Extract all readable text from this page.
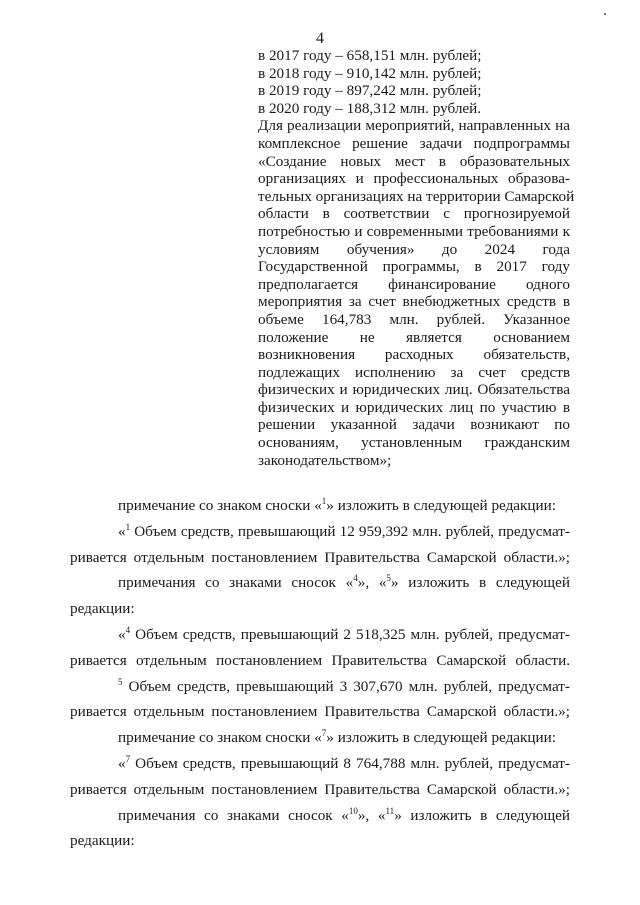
4
в 2017 году – 658,151 млн. рублей;
в 2018 году – 910,142 млн. рублей;
в 2019 году – 897,242 млн. рублей;
в 2020 году – 188,312 млн. рублей.
Для реализации мероприятий, направленных на
комплексное решение задачи подпрограммы
«Создание новых мест в образовательных
организациях и профессиональных образова-
тельных организациях на территории Самарской
области в соответствии с прогнозируемой
потребностью и современными требованиями к
условиям обучения» до 2024 года
Государственной программы, в 2017 году
предполагается финансирование одного
мероприятия за счет внебюджетных средств в
объеме 164,783 млн. рублей. Указанное
положение не является основанием
возникновения расходных обязательств,
подлежащих исполнению за счет средств
физических и юридических лиц. Обязательства
физических и юридических лиц по участию в
решении указанной задачи возникают по
основаниям, установленным гражданским
законодательством»;
примечание со знаком сноски «$^1$» изложить в следующей редакции:
«$^1$ Объем средств, превышающий 12 959,392 млн. рублей, предусмат-
ривается отдельным постановлением Правительства Самарской области.»;
примечания со знаками сносок «$^4$», «$^5$» изложить в следующей
редакции:
«$^4$ Объем средств, превышающий 2 518,325 млн. рублей, предусмат-
ривается отдельным постановлением Правительства Самарской области.
$^5$ Объем средств, превышающий 3 307,670 млн. рублей, предусмат-
ривается отдельным постановлением Правительства Самарской области.»;
примечание со знаком сноски «$^7$» изложить в следующей редакции:
«$^7$ Объем средств, превышающий 8 764,788 млн. рублей, предусмат-
ривается отдельным постановлением Правительства Самарской области.»;
примечания со знаками сносок «$^{10}$», «$^{11}$» изложить в следующей
редакции:
